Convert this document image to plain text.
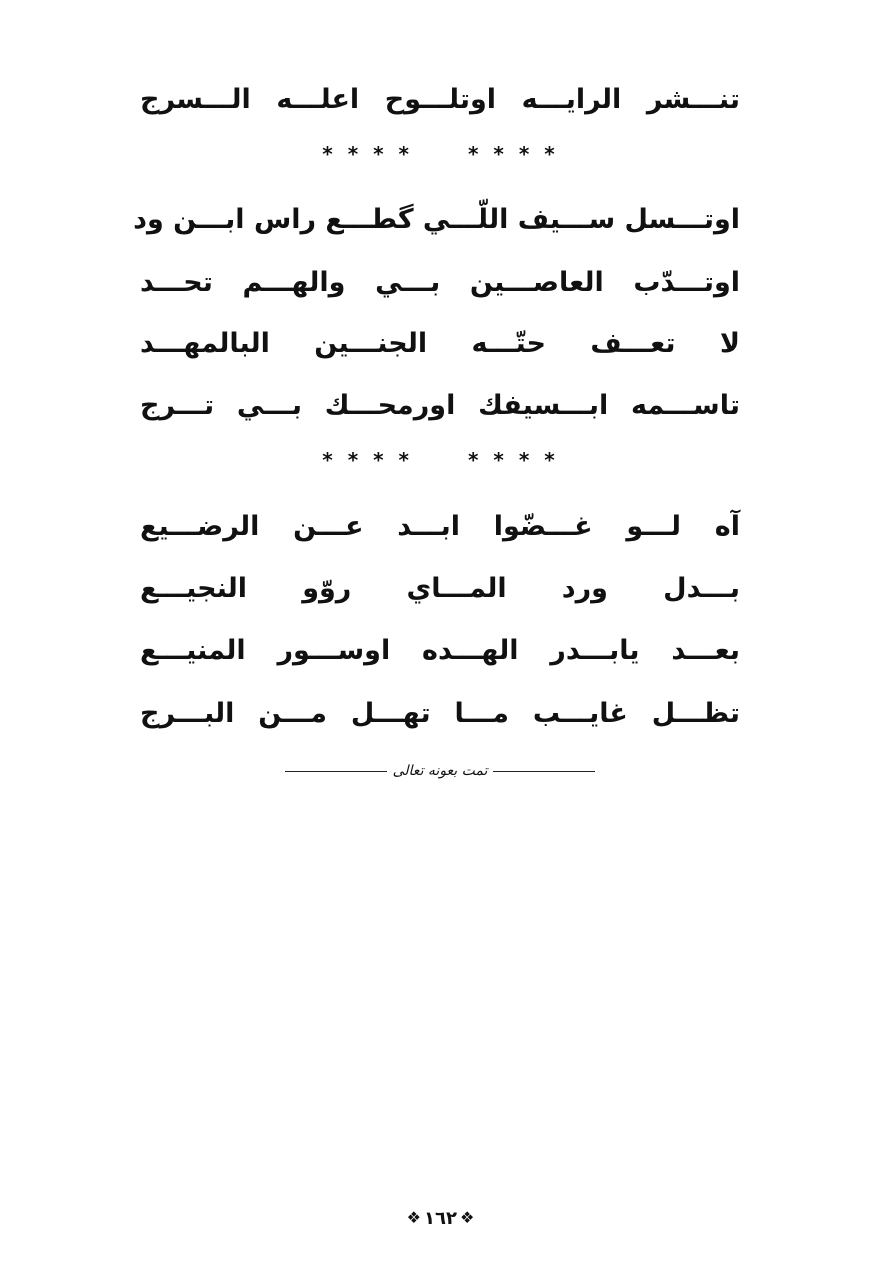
تنـــشر الرايـــه اوتلـــوح اعلـــه الـــسرج
* * * *	* * * *
اوتـــسل ســـيف اللّـــي گطـــع راس ابـــن ود
اوتـــدّب العاصـــين بـــي والهـــم تحـــد
لا تعـــف حتّـــه الجنـــين البالمهـــد
تاســـمه ابـــسيفك اورمحـــك بـــي تـــرج
* * * *	* * * *
آه لـــو غـــضّوا ابـــد عـــن الرضـــيع
بـــدل ورد المـــاي روّو النجيـــع
بعـــد يابـــدر الهـــده اوســـور المنيـــع
تظـــل غايـــب مـــا تهـــل مـــن البـــرج
تمت بعونه تعالى
❖ ١٦٢ ❖
